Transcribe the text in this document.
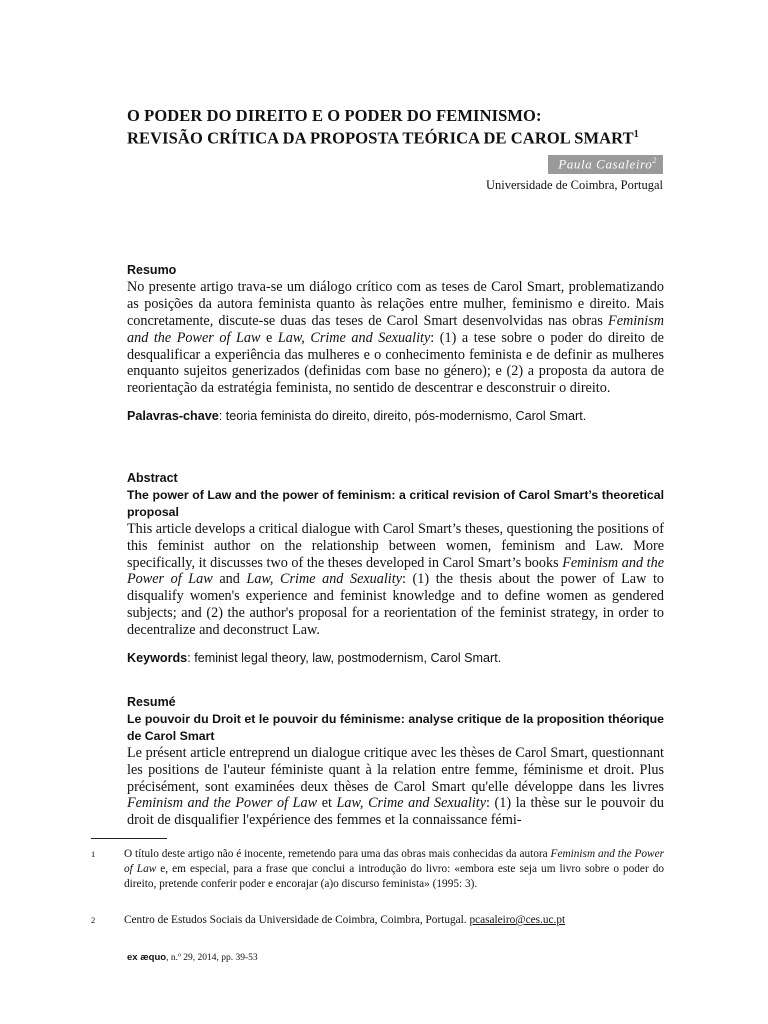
O PODER DO DIREITO E O PODER DO FEMINISMO:
REVISÃO CRÍTICA DA PROPOSTA TEÓRICA DE CAROL SMART$^1$
Paula Casaleiro$^2$
Universidade de Coimbra, Portugal
Resumo
No presente artigo trava-se um diálogo crítico com as teses de Carol Smart, problematizando as posições da autora feminista quanto às relações entre mulher, feminismo e direito. Mais concretamente, discute-se duas das teses de Carol Smart desenvolvidas nas obras Feminism and the Power of Law e Law, Crime and Sexuality: (1) a tese sobre o poder do direito de desqualificar a experiência das mulheres e o conhecimento feminista e de definir as mulheres enquanto sujeitos generizados (definidas com base no género); e (2) a proposta da autora de reorientação da estratégia feminista, no sentido de descentrar e desconstruir o direito.
Palavras-chave: teoria feminista do direito, direito, pós-modernismo, Carol Smart.
Abstract
The power of Law and the power of feminism: a critical revision of Carol Smart’s theoretical proposal
This article develops a critical dialogue with Carol Smart’s theses, questioning the positions of this feminist author on the relationship between women, feminism and Law. More specifically, it discusses two of the theses developed in Carol Smart’s books Feminism and the Power of Law and Law, Crime and Sexuality: (1) the thesis about the power of Law to disqualify women's experience and feminist knowledge and to define women as gendered subjects; and (2) the author's proposal for a reorientation of the feminist strategy, in order to decentralize and deconstruct Law.
Keywords: feminist legal theory, law, postmodernism, Carol Smart.
Resumé
Le pouvoir du Droit et le pouvoir du féminisme: analyse critique de la proposition théorique de Carol Smart
Le présent article entreprend un dialogue critique avec les thèses de Carol Smart, questionnant les positions de l'auteur féministe quant à la relation entre femme, féminisme et droit. Plus précisément, sont examinées deux thèses de Carol Smart qu'elle développe dans les livres Feminism and the Power of Law et Law, Crime and Sexuality: (1) la thèse sur le pouvoir du droit de disqualifier l'expérience des femmes et la connaissance fémi-
1	O título deste artigo não é inocente, remetendo para uma das obras mais conhecidas da autora Feminism and the Power of Law e, em especial, para a frase que conclui a introdução do livro: «embora este seja um livro sobre o poder do direito, pretende conferir poder e encorajar (a)o discurso feminista» (1995: 3).
2	Centro de Estudos Sociais da Universidade de Coimbra, Coimbra, Portugal. pcasaleiro@ces.uc.pt
ex æquo, n.º 29, 2014, pp. 39-53
